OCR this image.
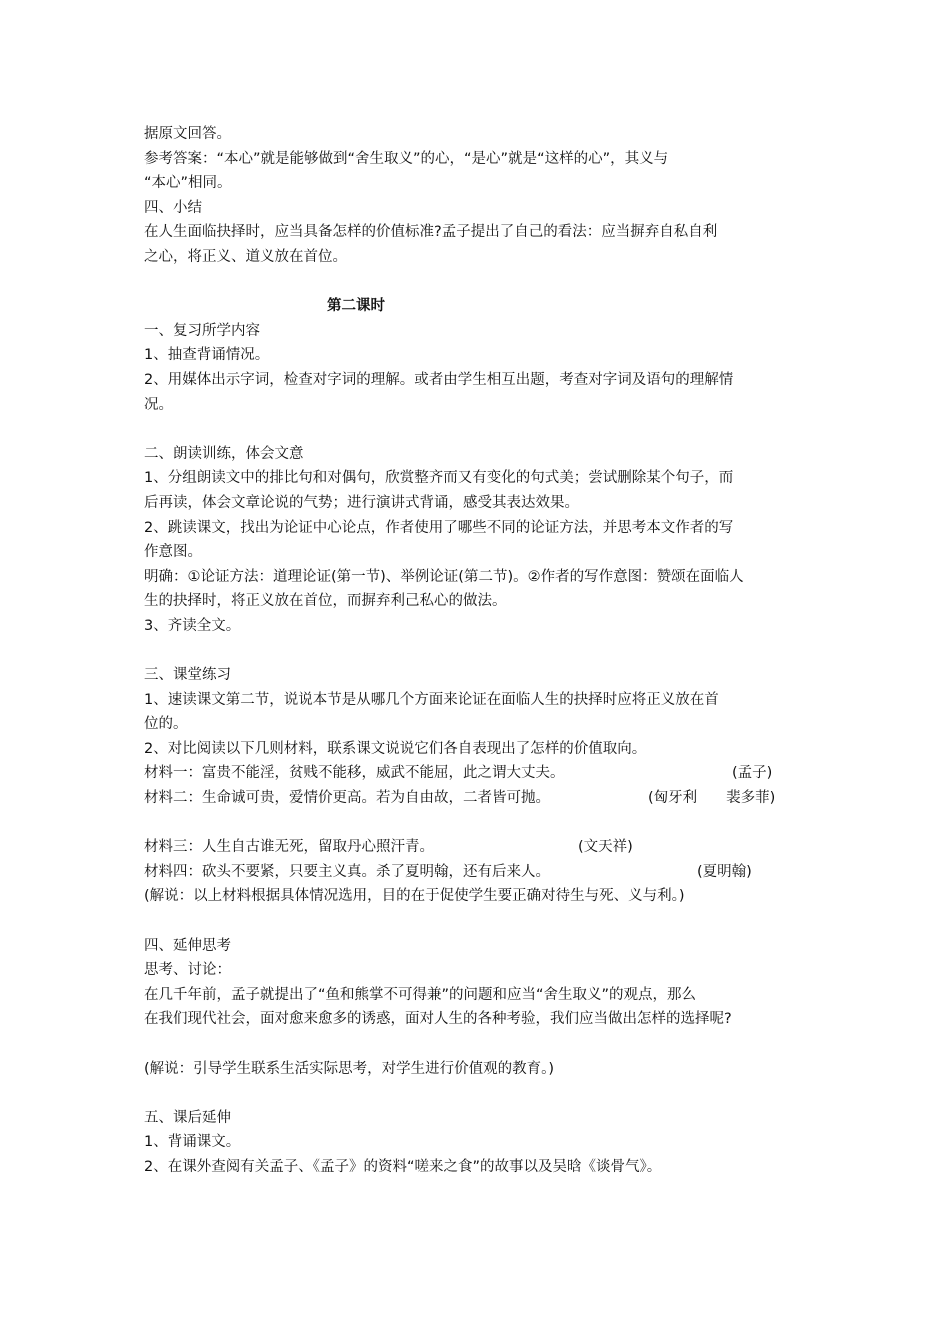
据原文回答。
参考答案：“本心”就是能够做到“舍生取义”的心，“是心”就是“这样的心”，其义与
“本心”相同。
四、小结
在人生面临抉择时，应当具备怎样的价值标准?孟子提出了自己的看法：应当摒弃自私自利
之心，将正义、道义放在首位。
第二课时
一、复习所学内容
1、抽查背诵情况。
2、用媒体出示字词，检查对字词的理解。或者由学生相互出题，考查对字词及语句的理解情
况。
二、朗读训练，体会文意
1、分组朗读文中的排比句和对偶句，欣赏整齐而又有变化的句式美；尝试删除某个句子，而
后再读，体会文章论说的气势；进行演讲式背诵，感受其表达效果。
2、跳读课文，找出为论证中心论点，作者使用了哪些不同的论证方法，并思考本文作者的写
作意图。
明确：①论证方法：道理论证(第一节)、举例论证(第二节)。②作者的写作意图：赞颂在面临人
生的抉择时，将正义放在首位，而摒弃利己私心的做法。
3、齐读全文。
三、课堂练习
1、速读课文第二节，说说本节是从哪几个方面来论证在面临人生的抉择时应将正义放在首
位的。
2、对比阅读以下几则材料，联系课文说说它们各自表现出了怎样的价值取向。
材料一：富贵不能淫，贫贱不能移，威武不能屈，此之谓大丈夫。	(孟子)
材料二：生命诚可贵，爱情价更高。若为自由故，二者皆可抛。	(匈牙利　　裴多菲)
材料三：人生自古谁无死，留取丹心照汗青。	(文天祥)
材料四：砍头不要紧，只要主义真。杀了夏明翰，还有后来人。	(夏明翰)
(解说：以上材料根据具体情况选用，目的在于促使学生要正确对待生与死、义与利。)
四、延伸思考
思考、讨论：
在几千年前，孟子就提出了“鱼和熊掌不可得兼”的问题和应当“舍生取义”的观点，那么
在我们现代社会，面对愈来愈多的诱惑，面对人生的各种考验，我们应当做出怎样的选择呢?
(解说：引导学生联系生活实际思考，对学生进行价值观的教育。)
五、课后延伸
1、背诵课文。
2、在课外查阅有关孟子、《孟子》的资料“嗟来之食”的故事以及吴晗《谈骨气》。
